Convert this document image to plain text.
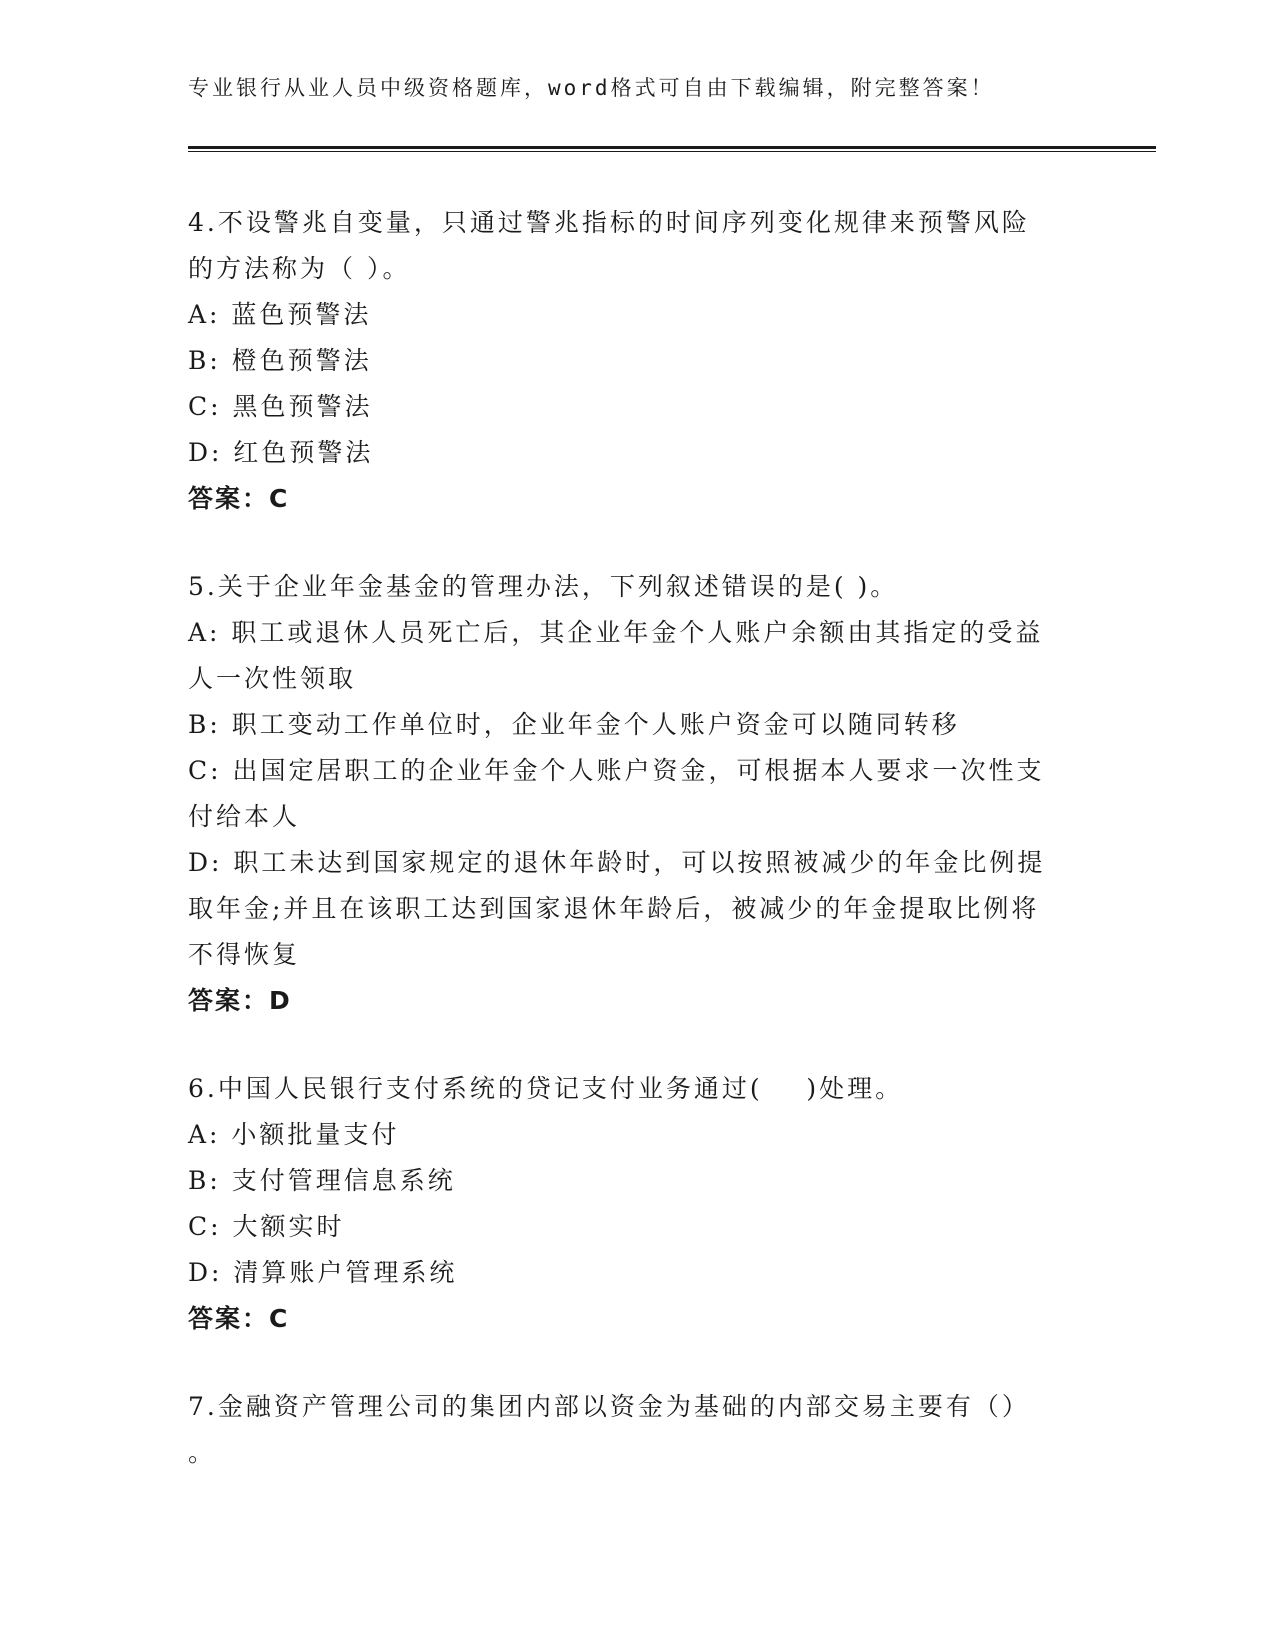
专业银行从业人员中级资格题库，word格式可自由下载编辑，附完整答案！
4.不设警兆自变量，只通过警兆指标的时间序列变化规律来预警风险
的方法称为（ ）。
A: 蓝色预警法
B: 橙色预警法
C: 黑色预警法
D: 红色预警法
答案：C
5.关于企业年金基金的管理办法，下列叙述错误的是( )。
A: 职工或退休人员死亡后，其企业年金个人账户余额由其指定的受益
人一次性领取
B: 职工变动工作单位时，企业年金个人账户资金可以随同转移
C: 出国定居职工的企业年金个人账户资金，可根据本人要求一次性支
付给本人
D: 职工未达到国家规定的退休年龄时，可以按照被减少的年金比例提
取年金;并且在该职工达到国家退休年龄后，被减少的年金提取比例将
不得恢复
答案：D
6.中国人民银行支付系统的贷记支付业务通过(    )处理。
A: 小额批量支付
B: 支付管理信息系统
C: 大额实时
D: 清算账户管理系统
答案：C
7.金融资产管理公司的集团内部以资金为基础的内部交易主要有（）
。
